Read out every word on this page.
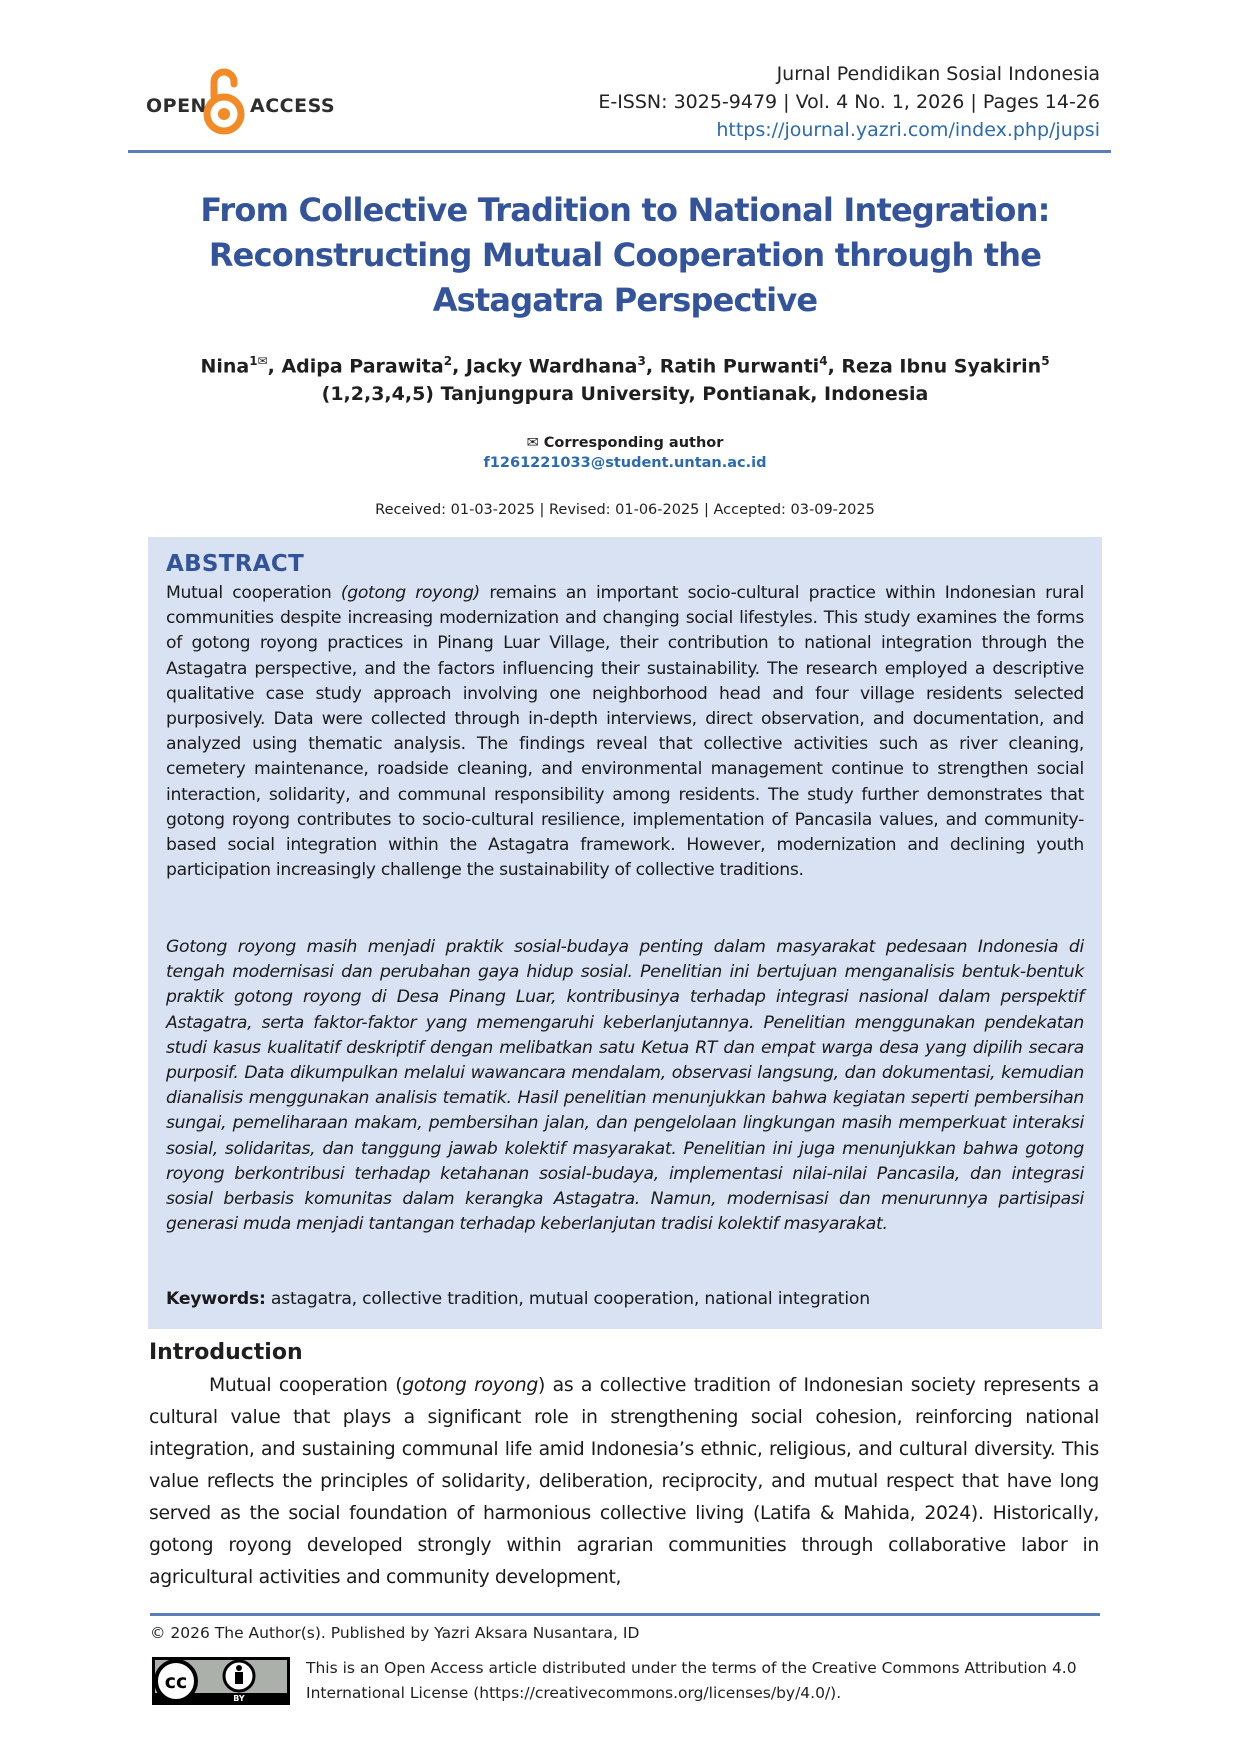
OPEN ACCESS
Jurnal Pendidikan Sosial Indonesia
E-ISSN: 3025-9479 | Vol. 4 No. 1, 2026 | Pages 14-26
https://journal.yazri.com/index.php/jupsi
From Collective Tradition to National Integration: Reconstructing Mutual Cooperation through the Astagatra Perspective
Nina$^{1✉}$, Adipa Parawita$^2$, Jacky Wardhana$^3$, Ratih Purwanti$^4$, Reza Ibnu Syakirin$^5$
(1,2,3,4,5) Tanjungpura University, Pontianak, Indonesia
✉ Corresponding author
f1261221033@student.untan.ac.id
Received: 01-03-2025 | Revised: 01-06-2025 | Accepted: 03-09-2025
ABSTRACT
Mutual cooperation (gotong royong) remains an important socio-cultural practice within Indonesian rural communities despite increasing modernization and changing social lifestyles. This study examines the forms of gotong royong practices in Pinang Luar Village, their contribution to national integration through the Astagatra perspective, and the factors influencing their sustainability. The research employed a descriptive qualitative case study approach involving one neighborhood head and four village residents selected purposively. Data were collected through in-depth interviews, direct observation, and documentation, and analyzed using thematic analysis. The findings reveal that collective activities such as river cleaning, cemetery maintenance, roadside cleaning, and environmental management continue to strengthen social interaction, solidarity, and communal responsibility among residents. The study further demonstrates that gotong royong contributes to socio-cultural resilience, implementation of Pancasila values, and community-based social integration within the Astagatra framework. However, modernization and declining youth participation increasingly challenge the sustainability of collective traditions.
Gotong royong masih menjadi praktik sosial-budaya penting dalam masyarakat pedesaan Indonesia di tengah modernisasi dan perubahan gaya hidup sosial. Penelitian ini bertujuan menganalisis bentuk-bentuk praktik gotong royong di Desa Pinang Luar, kontribusinya terhadap integrasi nasional dalam perspektif Astagatra, serta faktor-faktor yang memengaruhi keberlanjutannya. Penelitian menggunakan pendekatan studi kasus kualitatif deskriptif dengan melibatkan satu Ketua RT dan empat warga desa yang dipilih secara purposif. Data dikumpulkan melalui wawancara mendalam, observasi langsung, dan dokumentasi, kemudian dianalisis menggunakan analisis tematik. Hasil penelitian menunjukkan bahwa kegiatan seperti pembersihan sungai, pemeliharaan makam, pembersihan jalan, dan pengelolaan lingkungan masih memperkuat interaksi sosial, solidaritas, dan tanggung jawab kolektif masyarakat. Penelitian ini juga menunjukkan bahwa gotong royong berkontribusi terhadap ketahanan sosial-budaya, implementasi nilai-nilai Pancasila, dan integrasi sosial berbasis komunitas dalam kerangka Astagatra. Namun, modernisasi dan menurunnya partisipasi generasi muda menjadi tantangan terhadap keberlanjutan tradisi kolektif masyarakat.
Keywords: astagatra, collective tradition, mutual cooperation, national integration
Introduction
Mutual cooperation (gotong royong) as a collective tradition of Indonesian society represents a cultural value that plays a significant role in strengthening social cohesion, reinforcing national integration, and sustaining communal life amid Indonesia’s ethnic, religious, and cultural diversity. This value reflects the principles of solidarity, deliberation, reciprocity, and mutual respect that have long served as the social foundation of harmonious collective living (Latifa & Mahida, 2024). Historically, gotong royong developed strongly within agrarian communities through collaborative labor in agricultural activities and community development,
© 2026 The Author(s). Published by Yazri Aksara Nusantara, ID
cc
BY
This is an Open Access article distributed under the terms of the Creative Commons Attribution 4.0 International License (https://creativecommons.org/licenses/by/4.0/).
